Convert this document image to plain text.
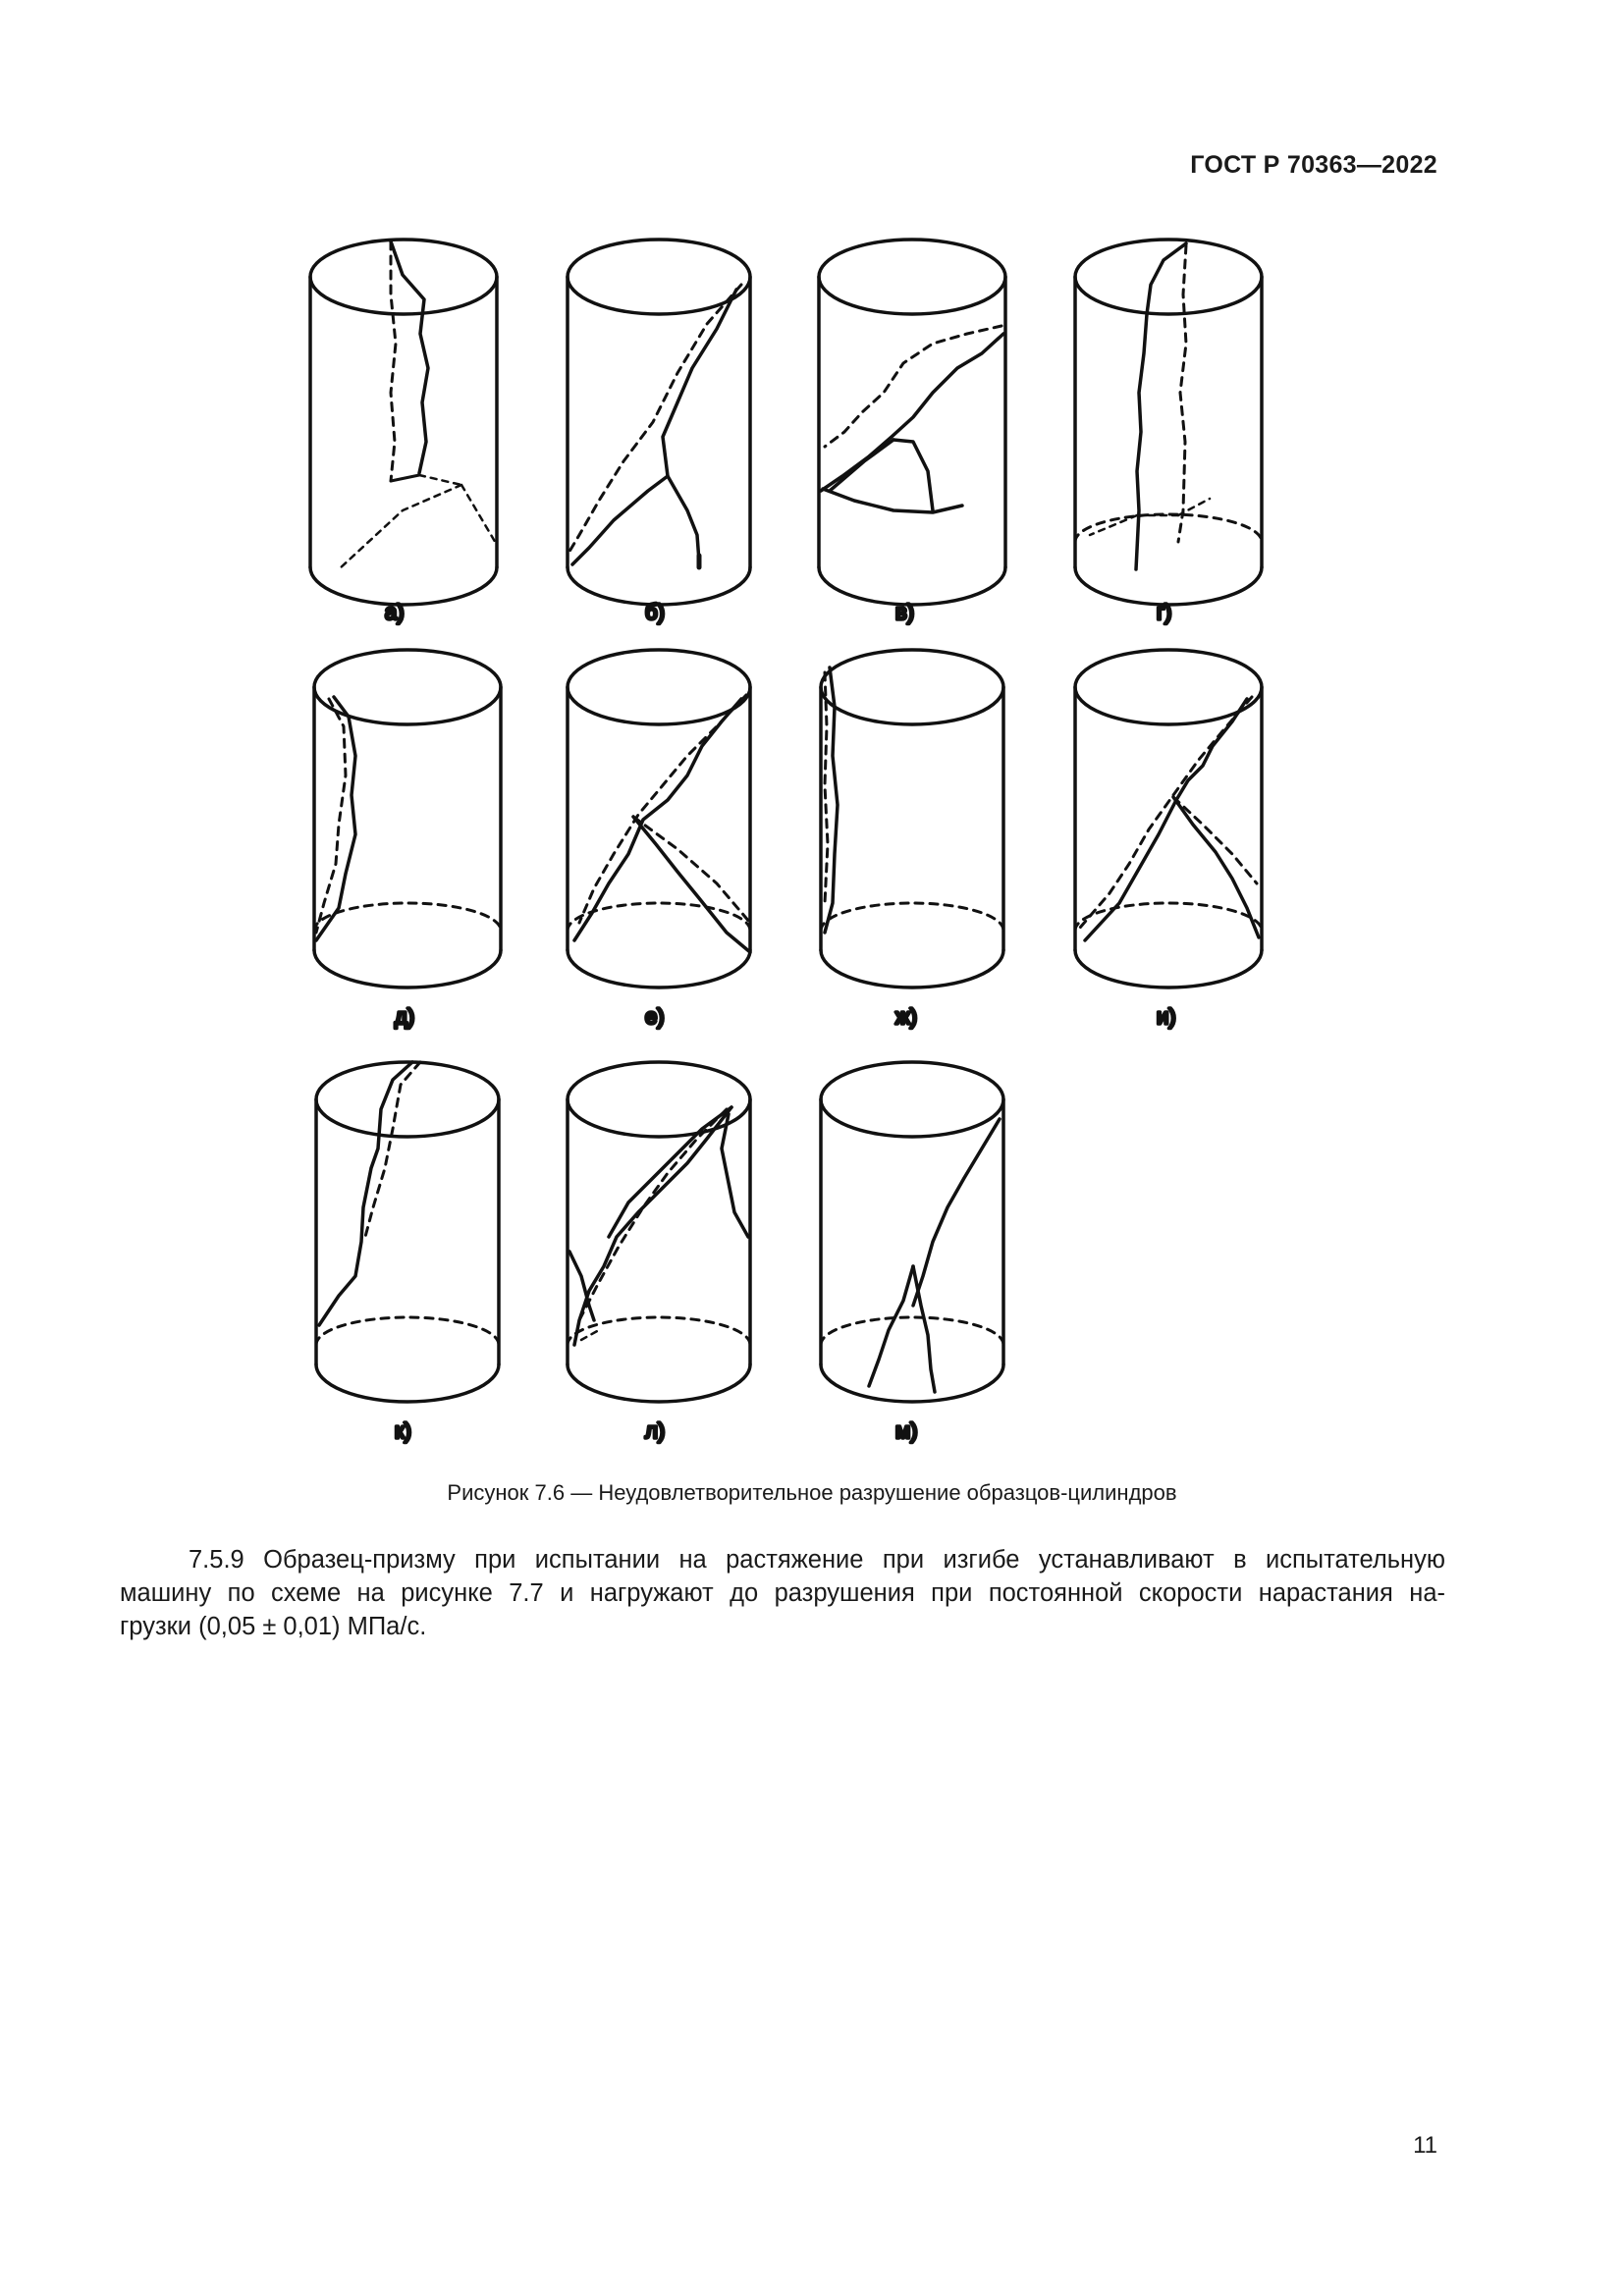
ГОСТ Р 70363—2022
а)	б)	в)	г)
д)	е)	ж)	и)
к)	л)	м)
Рисунок 7.6 — Неудовлетворительное разрушение образцов-цилиндров
7.5.9 Образец-призму при испытании на растяжение при изгибе устанавливают в испытательную
машину по схеме на рисунке 7.7 и нагружают до разрушения при постоянной скорости нарастания на-
грузки (0,05 ± 0,01) МПа/с.
11
